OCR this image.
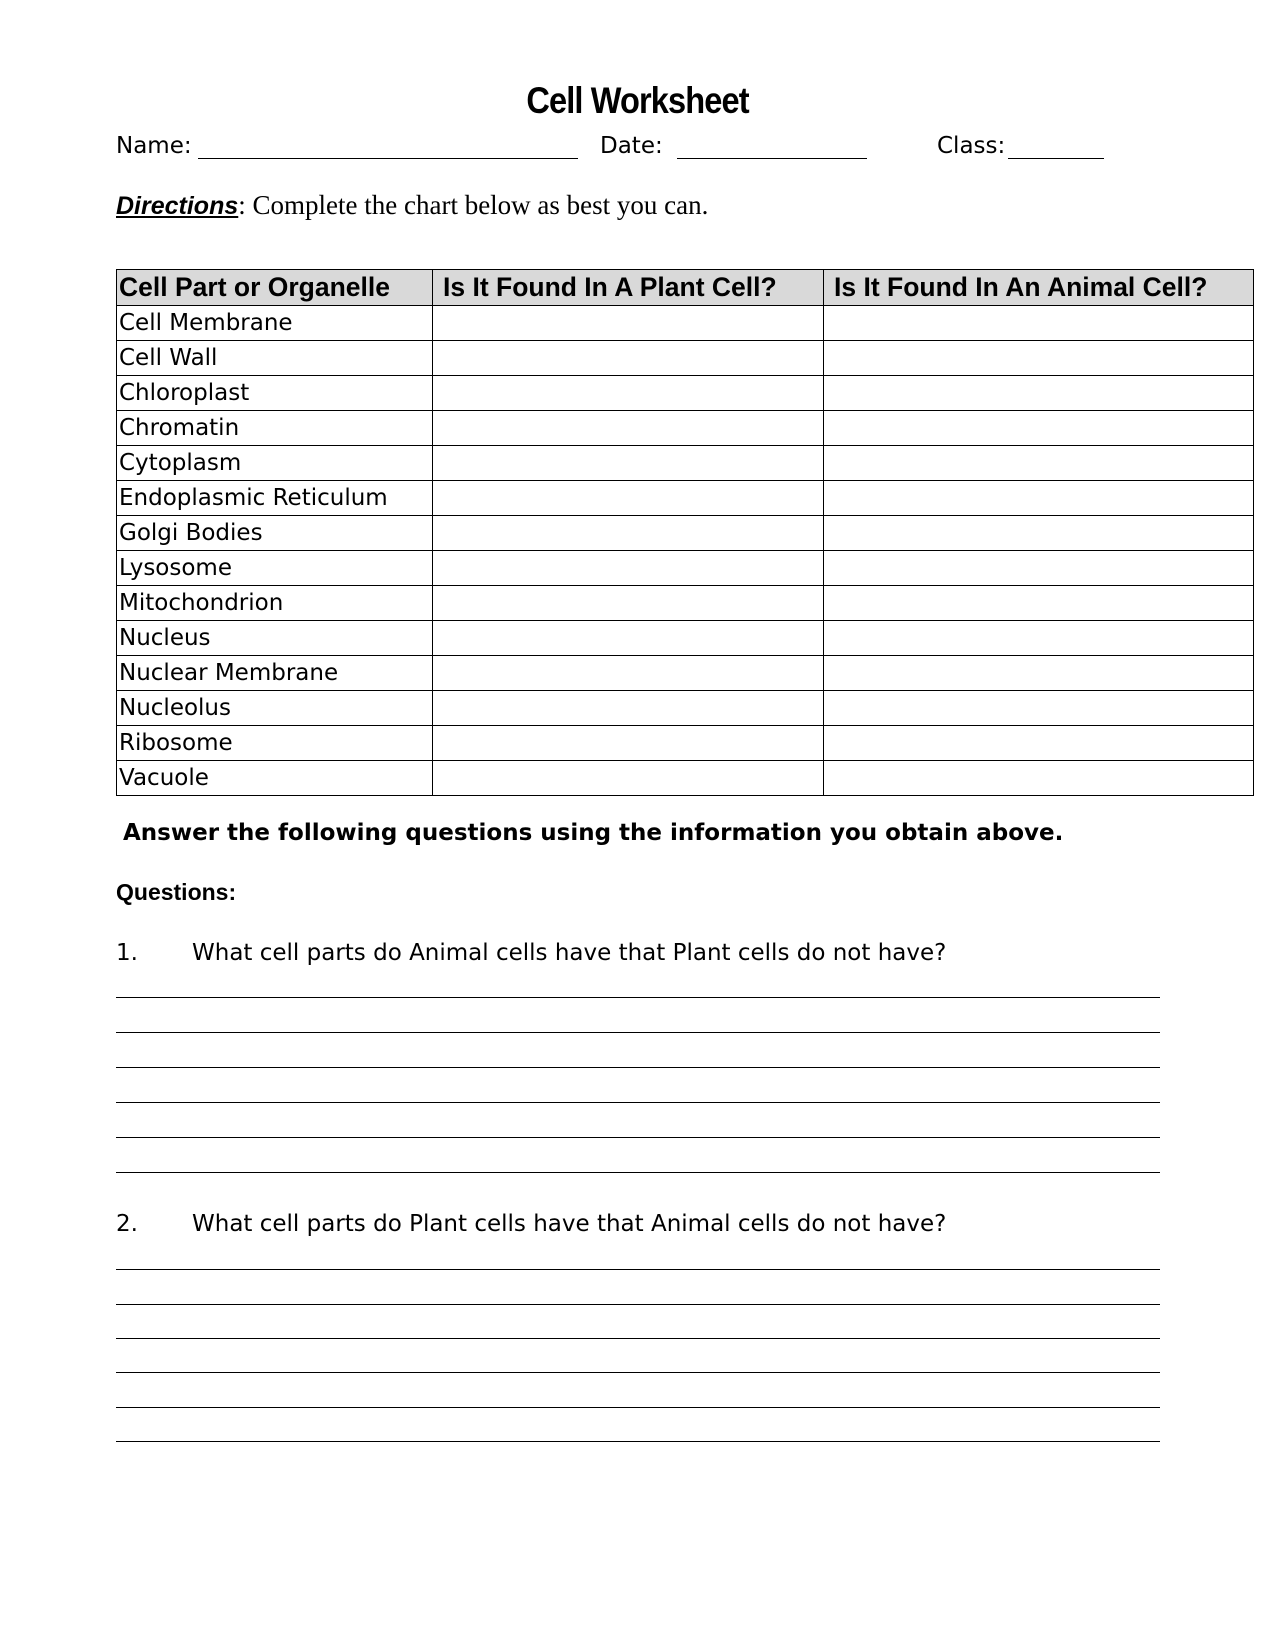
Cell Worksheet
Name:	Date:	Class:
Directions: Complete the chart below as best you can.
Cell Part or Organelle	Is It Found In A Plant Cell?	Is It Found In An Animal Cell?
Cell Membrane		
Cell Wall		
Chloroplast		
Chromatin		
Cytoplasm		
Endoplasmic Reticulum		
Golgi Bodies		
Lysosome		
Mitochondrion		
Nucleus		
Nuclear Membrane		
Nucleolus		
Ribosome		
Vacuole		
Answer the following questions using the information you obtain above.
Questions:
1. What cell parts do Animal cells have that Plant cells do not have?
2. What cell parts do Plant cells have that Animal cells do not have?
